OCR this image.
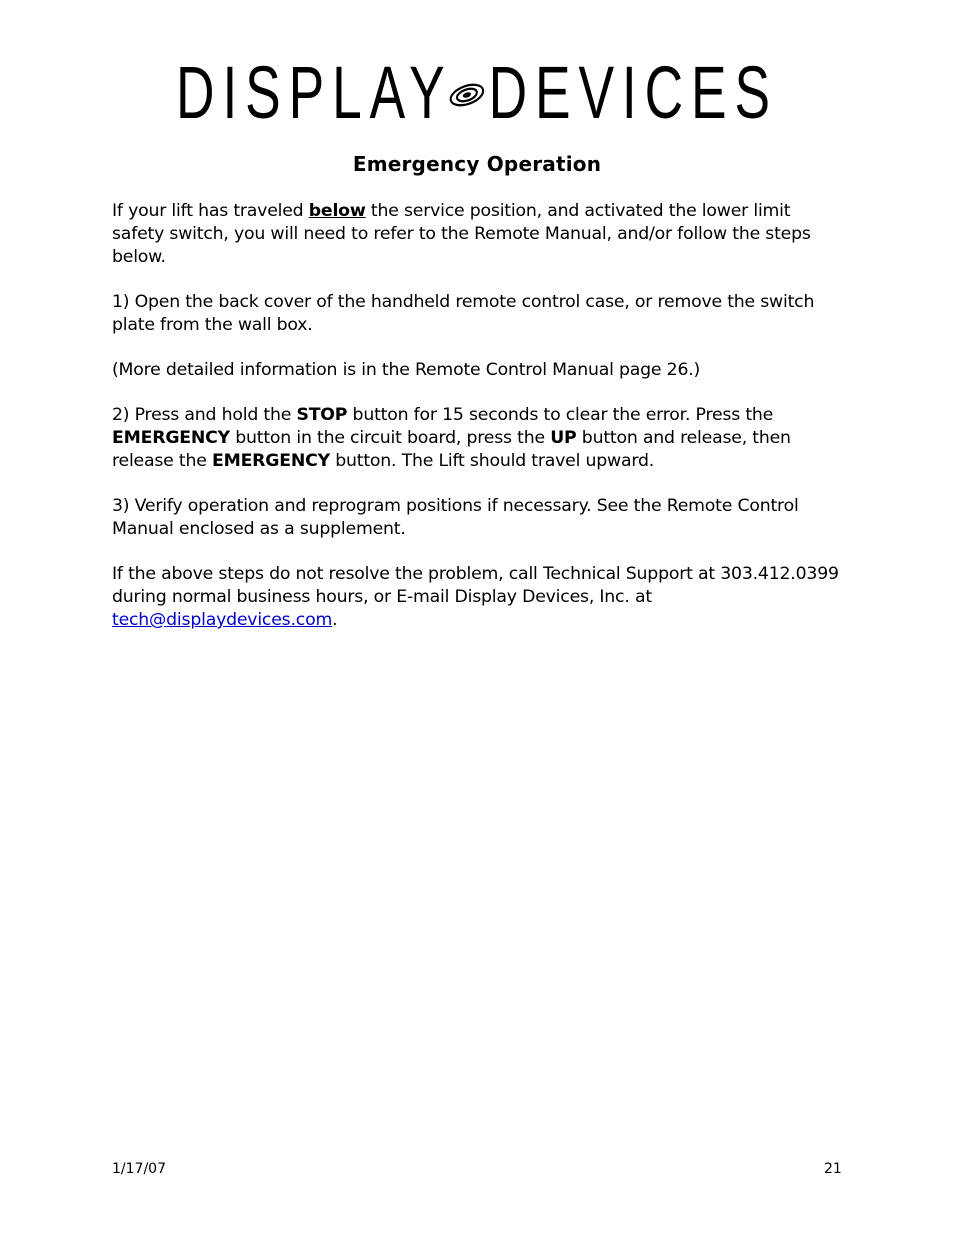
DISPLAY DEVICES
Emergency Operation

If your lift has traveled below the service position, and activated the lower limit safety switch, you will need to refer to the Remote Manual, and/or follow the steps below.

1) Open the back cover of the handheld remote control case, or remove the switch plate from the wall box.

(More detailed information is in the Remote Control Manual page 26.)

2) Press and hold the STOP button for 15 seconds to clear the error. Press the EMERGENCY button in the circuit board, press the UP button and release, then release the EMERGENCY button. The Lift should travel upward.

3) Verify operation and reprogram positions if necessary. See the Remote Control Manual enclosed as a supplement.

If the above steps do not resolve the problem, call Technical Support at 303.412.0399 during normal business hours, or E-mail Display Devices, Inc. at tech@displaydevices.com.

1/17/07	21
